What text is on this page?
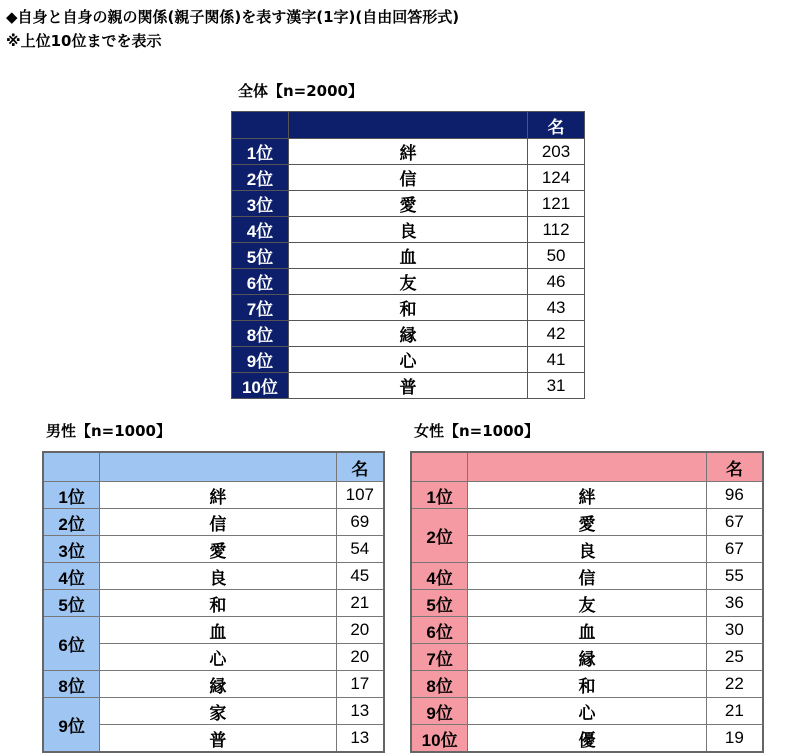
◆自身と自身の親の関係(親子関係)を表す漢字(1字)(自由回答形式)
※上位10位までを表示
全体【n=2000】
		名
1位	絆	203
2位	信	124
3位	愛	121
4位	良	112
5位	血	50
6位	友	46
7位	和	43
8位	縁	42
9位	心	41
10位	普	31
男性【n=1000】
		名
1位	絆	107
2位	信	69
3位	愛	54
4位	良	45
5位	和	21
6位	血	20
	心	20
8位	縁	17
9位	家	13
	普	13
女性【n=1000】
		名
1位	絆	96
2位	愛	67
	良	67
4位	信	55
5位	友	36
6位	血	30
7位	縁	25
8位	和	22
9位	心	21
10位	優	19
